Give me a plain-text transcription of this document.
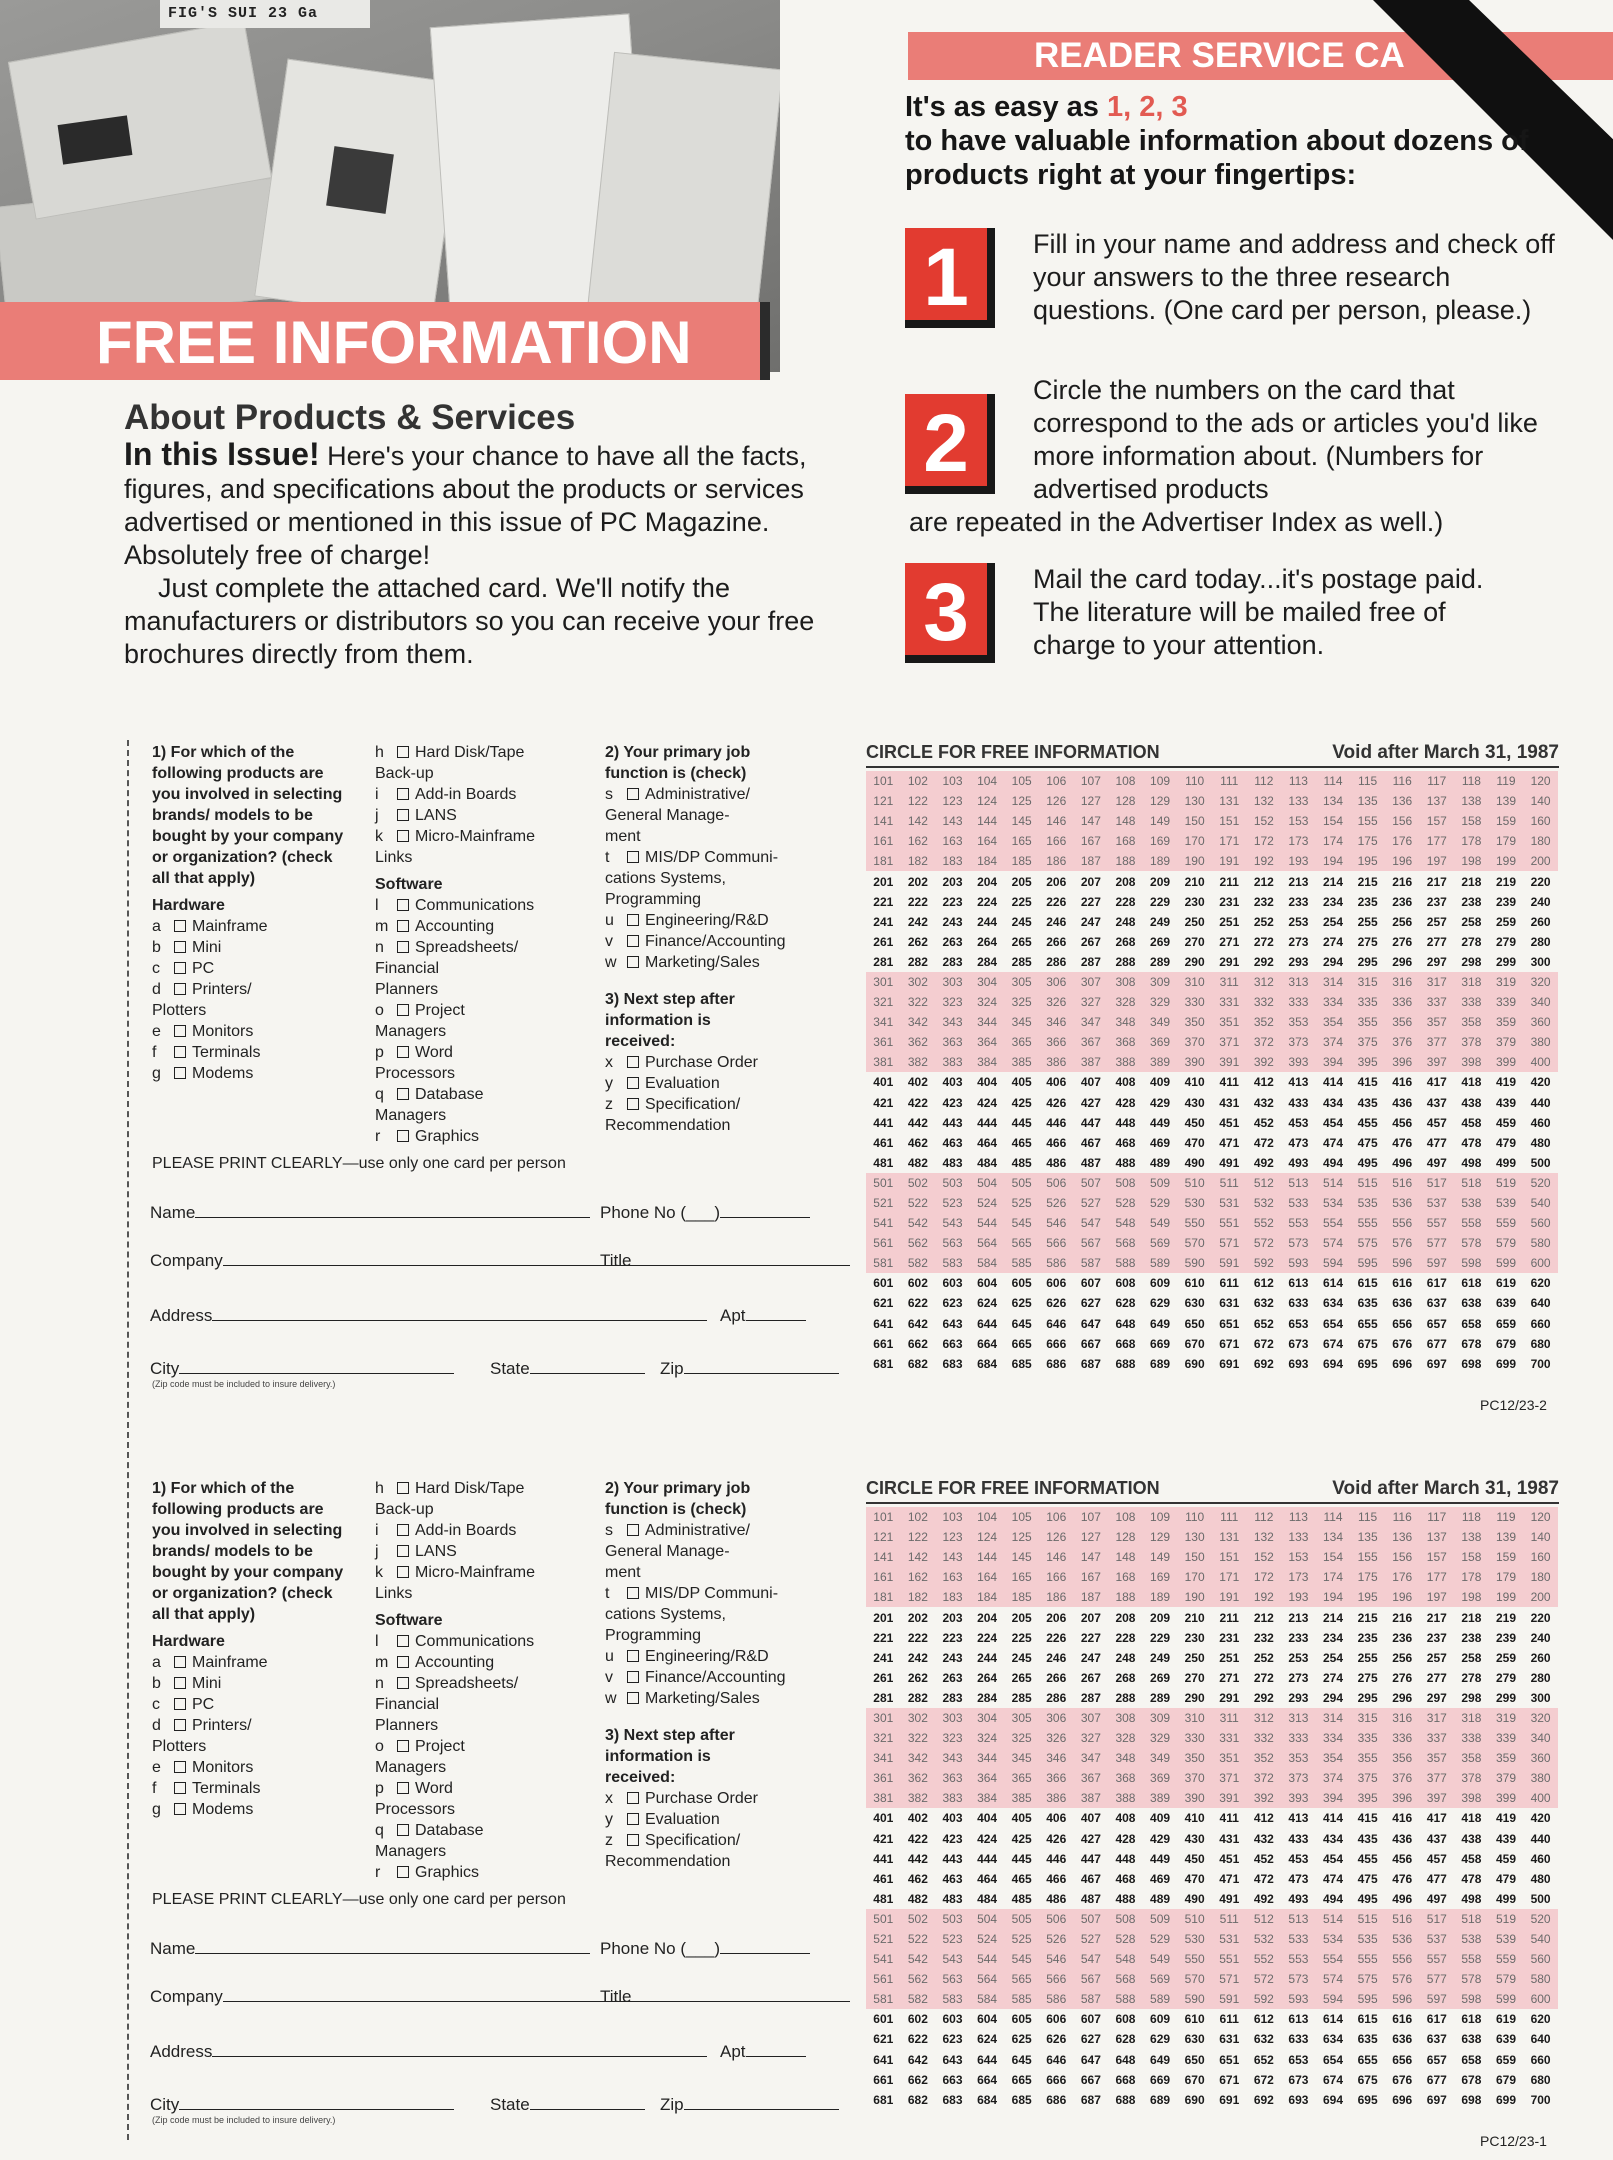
FIG'S SUI 23 Ga
FREE INFORMATION
About Products & Services

In this Issue! Here's your chance to have all the facts, figures, and specifications about the products or services advertised or mentioned in this issue of PC Magazine. Absolutely free of charge!

Just complete the attached card. We'll notify the manufacturers or distributors so you can receive your free brochures directly from them.

READER SERVICE CA
It's as easy as 1, 2, 3
to have valuable information about dozens of products right at your fingertips:
1	Fill in your name and address and check off your answers to the three research questions. (One card per person, please.)

2

Circle the numbers on the card that correspond to the ads or articles you'd like more information about. (Numbers for advertised products

are repeated in the Advertiser Index as well.)

3	Mail the card today...it's postage paid. The literature will be mailed free of charge to your attention.

1) For which of the following products are you involved in selecting brands/ models to be bought by your company or organization? (check all that apply)
Hardware
a	Mainframe
b	Mini
c	PC
d	Printers/
Plotters
e	Monitors
f	Terminals
g	Modems
h	Hard Disk/Tape
Back-up
i	Add-in Boards
j	LANS
k	Micro-Mainframe
Links
Software
l	Communications
m	Accounting
n	Spreadsheets/
Financial
Planners
o	Project
Managers
p	Word
Processors
q	Database
Managers
r	Graphics
2) Your primary job function is (check)
s	Administrative/
General Manage-
ment
t	MIS/DP Communi-
cations Systems,
Programming
u	Engineering/R&D
v	Finance/Accounting
w	Marketing/Sales
3) Next step after information is received:
x	Purchase Order
y	Evaluation
z	Specification/
Recommendation
PLEASE PRINT CLEARLY—use only one card per person
Name	Phone No (___)
Company	Title
Address	Apt
City	State	Zip
(Zip code must be included to insure delivery.)
CIRCLE FOR FREE INFORMATION	Void after March 31, 1987
101	102	103	104	105	106	107	108	109	110	111	112	113	114	115	116	117	118	119	120
121	122	123	124	125	126	127	128	129	130	131	132	133	134	135	136	137	138	139	140
141	142	143	144	145	146	147	148	149	150	151	152	153	154	155	156	157	158	159	160
161	162	163	164	165	166	167	168	169	170	171	172	173	174	175	176	177	178	179	180
181	182	183	184	185	186	187	188	189	190	191	192	193	194	195	196	197	198	199	200
201	202	203	204	205	206	207	208	209	210	211	212	213	214	215	216	217	218	219	220
221	222	223	224	225	226	227	228	229	230	231	232	233	234	235	236	237	238	239	240
241	242	243	244	245	246	247	248	249	250	251	252	253	254	255	256	257	258	259	260
261	262	263	264	265	266	267	268	269	270	271	272	273	274	275	276	277	278	279	280
281	282	283	284	285	286	287	288	289	290	291	292	293	294	295	296	297	298	299	300
301	302	303	304	305	306	307	308	309	310	311	312	313	314	315	316	317	318	319	320
321	322	323	324	325	326	327	328	329	330	331	332	333	334	335	336	337	338	339	340
341	342	343	344	345	346	347	348	349	350	351	352	353	354	355	356	357	358	359	360
361	362	363	364	365	366	367	368	369	370	371	372	373	374	375	376	377	378	379	380
381	382	383	384	385	386	387	388	389	390	391	392	393	394	395	396	397	398	399	400
401	402	403	404	405	406	407	408	409	410	411	412	413	414	415	416	417	418	419	420
421	422	423	424	425	426	427	428	429	430	431	432	433	434	435	436	437	438	439	440
441	442	443	444	445	446	447	448	449	450	451	452	453	454	455	456	457	458	459	460
461	462	463	464	465	466	467	468	469	470	471	472	473	474	475	476	477	478	479	480
481	482	483	484	485	486	487	488	489	490	491	492	493	494	495	496	497	498	499	500
501	502	503	504	505	506	507	508	509	510	511	512	513	514	515	516	517	518	519	520
521	522	523	524	525	526	527	528	529	530	531	532	533	534	535	536	537	538	539	540
541	542	543	544	545	546	547	548	549	550	551	552	553	554	555	556	557	558	559	560
561	562	563	564	565	566	567	568	569	570	571	572	573	574	575	576	577	578	579	580
581	582	583	584	585	586	587	588	589	590	591	592	593	594	595	596	597	598	599	600
601	602	603	604	605	606	607	608	609	610	611	612	613	614	615	616	617	618	619	620
621	622	623	624	625	626	627	628	629	630	631	632	633	634	635	636	637	638	639	640
641	642	643	644	645	646	647	648	649	650	651	652	653	654	655	656	657	658	659	660
661	662	663	664	665	666	667	668	669	670	671	672	673	674	675	676	677	678	679	680
681	682	683	684	685	686	687	688	689	690	691	692	693	694	695	696	697	698	699	700
PC12/23-2
1) For which of the following products are you involved in selecting brands/ models to be bought by your company or organization? (check all that apply)
Hardware
a	Mainframe
b	Mini
c	PC
d	Printers/
Plotters
e	Monitors
f	Terminals
g	Modems
h	Hard Disk/Tape
Back-up
i	Add-in Boards
j	LANS
k	Micro-Mainframe
Links
Software
l	Communications
m	Accounting
n	Spreadsheets/
Financial
Planners
o	Project
Managers
p	Word
Processors
q	Database
Managers
r	Graphics
2) Your primary job function is (check)
s	Administrative/
General Manage-
ment
t	MIS/DP Communi-
cations Systems,
Programming
u	Engineering/R&D
v	Finance/Accounting
w	Marketing/Sales
3) Next step after information is received:
x	Purchase Order
y	Evaluation
z	Specification/
Recommendation
PLEASE PRINT CLEARLY—use only one card per person
Name	Phone No (___)
Company	Title
Address	Apt
City	State	Zip
(Zip code must be included to insure delivery.)
CIRCLE FOR FREE INFORMATION	Void after March 31, 1987
101	102	103	104	105	106	107	108	109	110	111	112	113	114	115	116	117	118	119	120
121	122	123	124	125	126	127	128	129	130	131	132	133	134	135	136	137	138	139	140
141	142	143	144	145	146	147	148	149	150	151	152	153	154	155	156	157	158	159	160
161	162	163	164	165	166	167	168	169	170	171	172	173	174	175	176	177	178	179	180
181	182	183	184	185	186	187	188	189	190	191	192	193	194	195	196	197	198	199	200
201	202	203	204	205	206	207	208	209	210	211	212	213	214	215	216	217	218	219	220
221	222	223	224	225	226	227	228	229	230	231	232	233	234	235	236	237	238	239	240
241	242	243	244	245	246	247	248	249	250	251	252	253	254	255	256	257	258	259	260
261	262	263	264	265	266	267	268	269	270	271	272	273	274	275	276	277	278	279	280
281	282	283	284	285	286	287	288	289	290	291	292	293	294	295	296	297	298	299	300
301	302	303	304	305	306	307	308	309	310	311	312	313	314	315	316	317	318	319	320
321	322	323	324	325	326	327	328	329	330	331	332	333	334	335	336	337	338	339	340
341	342	343	344	345	346	347	348	349	350	351	352	353	354	355	356	357	358	359	360
361	362	363	364	365	366	367	368	369	370	371	372	373	374	375	376	377	378	379	380
381	382	383	384	385	386	387	388	389	390	391	392	393	394	395	396	397	398	399	400
401	402	403	404	405	406	407	408	409	410	411	412	413	414	415	416	417	418	419	420
421	422	423	424	425	426	427	428	429	430	431	432	433	434	435	436	437	438	439	440
441	442	443	444	445	446	447	448	449	450	451	452	453	454	455	456	457	458	459	460
461	462	463	464	465	466	467	468	469	470	471	472	473	474	475	476	477	478	479	480
481	482	483	484	485	486	487	488	489	490	491	492	493	494	495	496	497	498	499	500
501	502	503	504	505	506	507	508	509	510	511	512	513	514	515	516	517	518	519	520
521	522	523	524	525	526	527	528	529	530	531	532	533	534	535	536	537	538	539	540
541	542	543	544	545	546	547	548	549	550	551	552	553	554	555	556	557	558	559	560
561	562	563	564	565	566	567	568	569	570	571	572	573	574	575	576	577	578	579	580
581	582	583	584	585	586	587	588	589	590	591	592	593	594	595	596	597	598	599	600
601	602	603	604	605	606	607	608	609	610	611	612	613	614	615	616	617	618	619	620
621	622	623	624	625	626	627	628	629	630	631	632	633	634	635	636	637	638	639	640
641	642	643	644	645	646	647	648	649	650	651	652	653	654	655	656	657	658	659	660
661	662	663	664	665	666	667	668	669	670	671	672	673	674	675	676	677	678	679	680
681	682	683	684	685	686	687	688	689	690	691	692	693	694	695	696	697	698	699	700
PC12/23-1
